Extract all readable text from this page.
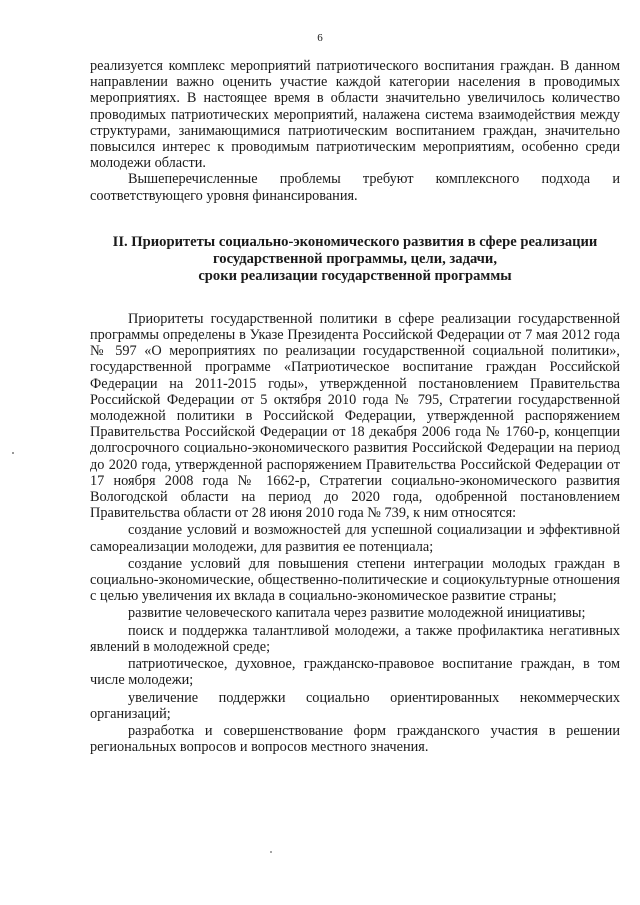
6

реализуется комплекс мероприятий патриотического воспитания граждан. В данном направлении важно оценить участие каждой категории населения в проводимых мероприятиях. В настоящее время в области значительно увеличилось количество проводимых патриотических мероприятий, налажена система взаимодействия между структурами, занимающимися патриотическим воспитанием граждан, значительно повысился интерес к проводимым патриотическим мероприятиям, особенно среди молодежи области.

Вышеперечисленные проблемы требуют комплексного подхода и соответствующего уровня финансирования.

II. Приоритеты социально-экономического развития в сфере реализации
государственной программы, цели, задачи,
сроки реализации государственной программы

Приоритеты государственной политики в сфере реализации государственной программы определены в Указе Президента Российской Федерации от 7 мая 2012 года № 597 «О мероприятиях по реализации государственной социальной политики», государственной программе «Патриотическое воспитание граждан Российской Федерации на 2011-2015 годы», утвержденной постановлением Правительства Российской Федерации от 5 октября 2010 года № 795, Стратегии государственной молодежной политики в Российской Федерации, утвержденной распоряжением Правительства Российской Федерации от 18 декабря 2006 года № 1760-р, концепции долгосрочного социально-экономического развития Российской Федерации на период до 2020 года, утвержденной распоряжением Правительства Российской Федерации от 17 ноября 2008 года № 1662-р, Стратегии социально-экономического развития Вологодской области на период до 2020 года, одобренной постановлением Правительства области от 28 июня 2010 года № 739, к ним относятся:

создание условий и возможностей для успешной социализации и эффективной самореализации молодежи, для развития ее потенциала;

создание условий для повышения степени интеграции молодых граждан в социально-экономические, общественно-политические и социокультурные отношения с целью увеличения их вклада в социально-экономическое развитие страны;

развитие человеческого капитала через развитие молодежной инициативы;

поиск и поддержка талантливой молодежи, а также профилактика негативных явлений в молодежной среде;

патриотическое, духовное, гражданско-правовое воспитание граждан, в том числе молодежи;

увеличение поддержки социально ориентированных некоммерческих организаций;

разработка и совершенствование форм гражданского участия в решении региональных вопросов и вопросов местного значения.
